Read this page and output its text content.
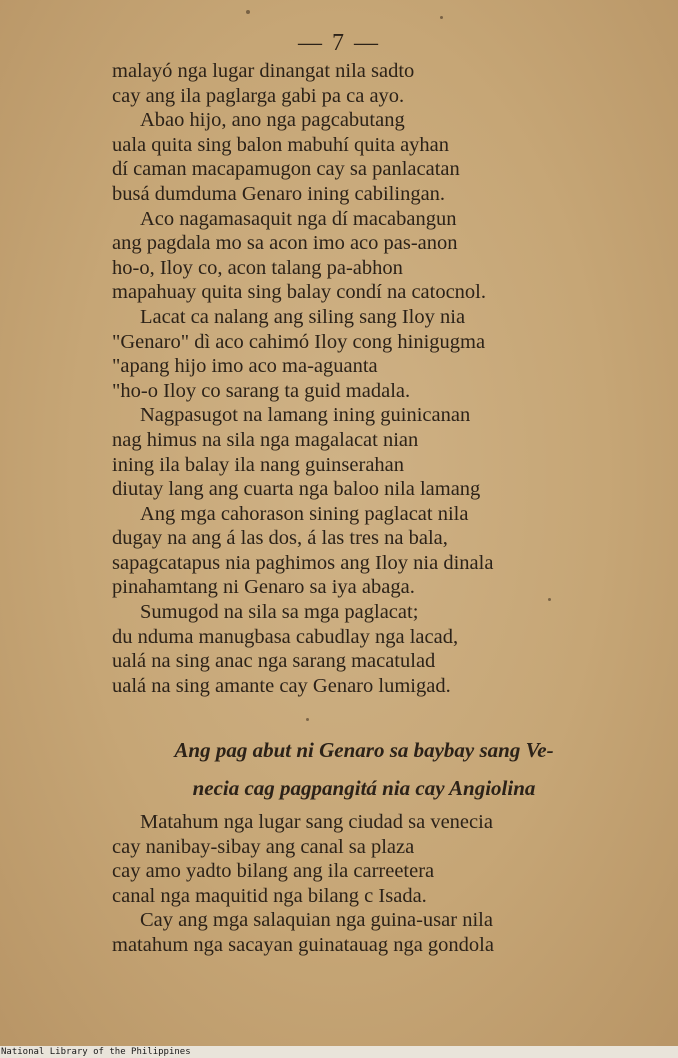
— 7 —
malayó nga lugar dinangat nila sadto
cay ang ila paglarga gabi pa ca ayo.
Abao hijo, ano nga pagcabutang
uala quita sing balon mabuhí quita ayhan
dí caman macapamugon cay sa panlacatan
busá dumduma Genaro ining cabilingan.
Aco nagamasaquit nga dí macabangun
ang pagdala mo sa acon imo aco pas-anon
ho-o, Iloy co, acon talang pa-abhon
mapahuay quita sing balay condí na catocnol.
Lacat ca nalang ang siling sang Iloy nia
"Genaro" dì aco cahimó Iloy cong hinigugma
"apang hijo imo aco ma-aguanta
"ho-o Iloy co sarang ta guid madala.
Nagpasugot na lamang ining guinicanan
nag himus na sila nga magalacat nian
ining ila balay ila nang guinserahan
diutay lang ang cuarta nga baloo nila lamang
Ang mga cahorason sining paglacat nila
dugay na ang á las dos, á las tres na bala,
sapagcatapus nia paghimos ang Iloy nia dinala
pinahamtang ni Genaro sa iya abaga.
Sumugod na sila sa mga paglacat;
du nduma manugbasa cabudlay nga lacad,
ualá na sing anac nga sarang macatulad
ualá na sing amante cay Genaro lumigad.
Ang pag abut ni Genaro sa baybay sang Ve-
necia cag pagpangitá nia cay Angiolina
Matahum nga lugar sang ciudad sa venecia
cay nanibay-sibay ang canal sa plaza
cay amo yadto bilang ang ila carreetera
canal nga maquitid nga bilang c Isada.
Cay ang mga salaquian nga guina-usar nila
matahum nga sacayan guinatauag nga gondola
National Library of the Philippines
